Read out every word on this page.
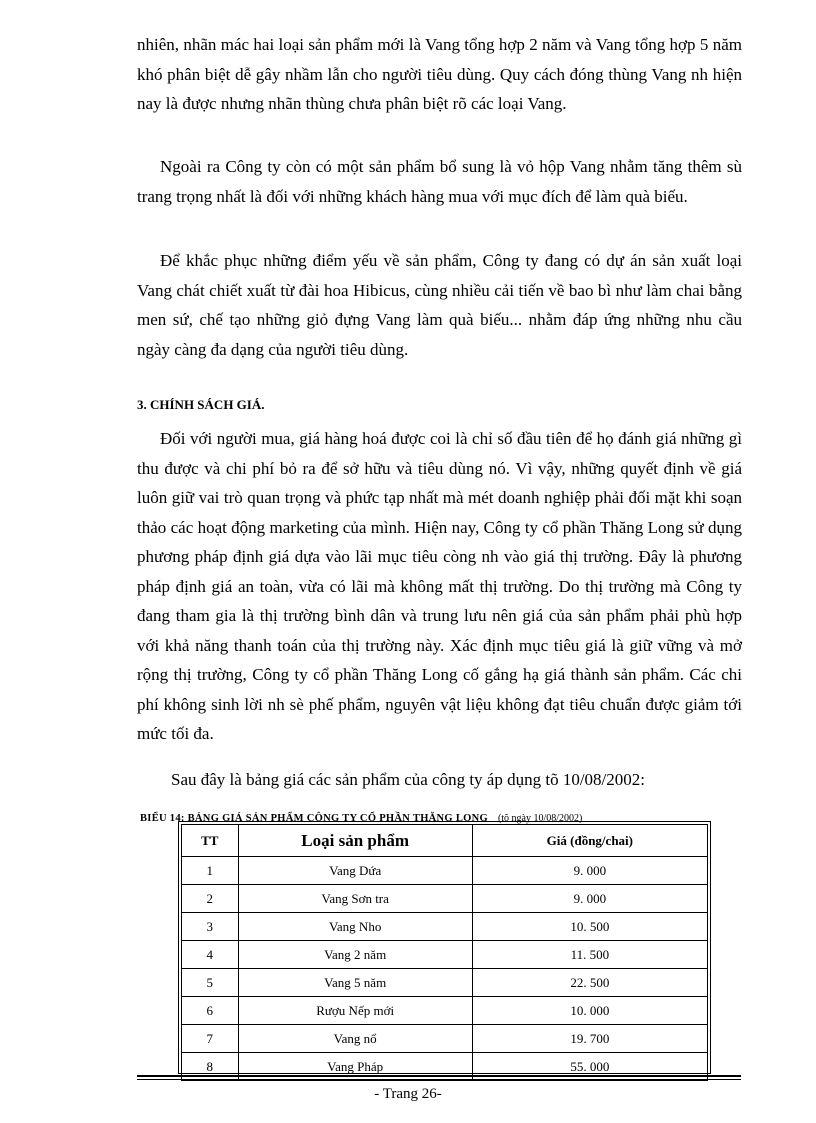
nhiên, nhãn mác hai loại sản phẩm mới là Vang tổng hợp 2 năm và Vang tổng hợp 5 năm khó phân biệt dễ gây nhầm lẫn cho người tiêu dùng. Quy cách đóng thùng Vang nh hiện nay là được nhưng nhãn thùng chưa phân biệt rõ các loại Vang.

Ngoài ra Công ty còn có một sản phẩm bổ sung là vỏ hộp Vang nhằm tăng thêm sù trang trọng nhất là đối với những khách hàng mua với mục đích để làm quà biếu.

Để khắc phục những điểm yếu về sản phẩm, Công ty đang có dự án sản xuất loại Vang chát chiết xuất từ đài hoa Hibicus, cùng nhiều cải tiến về bao bì như làm chai bằng men sứ, chế tạo những giỏ đựng Vang làm quà biếu... nhằm đáp ứng những nhu cầu ngày càng đa dạng của người tiêu dùng.

3. CHÍNH SÁCH GIÁ.

Đối với người mua, giá hàng hoá được coi là chỉ số đầu tiên để họ đánh giá những gì thu được và chi phí bỏ ra để sở hữu và tiêu dùng nó. Vì vậy, những quyết định về giá luôn giữ vai trò quan trọng và phức tạp nhất mà mét doanh nghiệp phải đối mặt khi soạn thảo các hoạt động marketing của mình. Hiện nay, Công ty cổ phần Thăng Long sử dụng phương pháp định giá dựa vào lãi mục tiêu còng nh vào giá thị trường. Đây là phương pháp định giá an toàn, vừa có lãi mà không mất thị trường. Do thị trường mà Công ty đang tham gia là thị trường bình dân và trung lưu nên giá của sản phẩm phải phù hợp với khả năng thanh toán của thị trường này. Xác định mục tiêu giá là giữ vững và mở rộng thị trường, Công ty cổ phần Thăng Long cố gắng hạ giá thành sản phẩm. Các chi phí không sinh lời nh sè phế phẩm, nguyên vật liệu không đạt tiêu chuẩn được giảm tới mức tối đa.

Sau đây là bảng giá các sản phẩm của công ty áp dụng tõ 10/08/2002:

BIỂU 14: BẢNG GIÁ SẢN PHẨM CÔNG TY CỔ PHẦN THĂNG LONG (tõ ngày 10/08/2002)

TT	Loại sản phẩm	Giá (đồng/chai)
1	Vang Dứa	9. 000
2	Vang Sơn tra	9. 000
3	Vang Nho	10. 500
4	Vang 2 năm	11. 500
5	Vang 5 năm	22. 500
6	Rượu Nếp mới	10. 000
7	Vang nổ	19. 700
8	Vang Pháp	55. 000

- Trang 26-
